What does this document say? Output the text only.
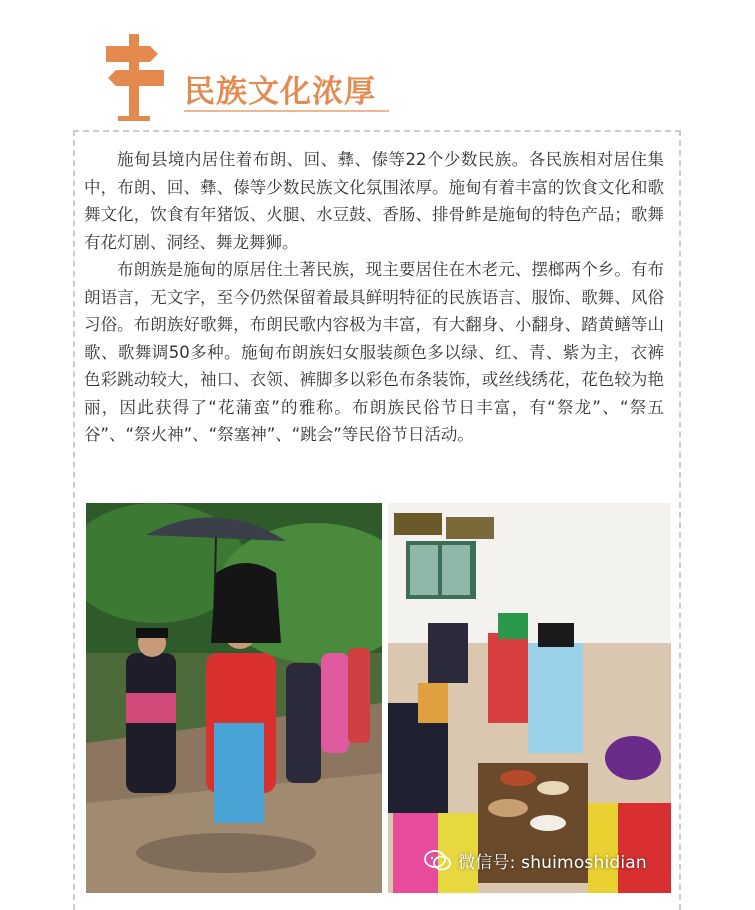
民族文化浓厚

施甸县境内居住着布朗、回、彝、傣等22个少数民族。各民族相对居住集中，布朗、回、彝、傣等少数民族文化氛围浓厚。施甸有着丰富的饮食文化和歌舞文化，饮食有年猪饭、火腿、水豆鼓、香肠、排骨鲊是施甸的特色产品；歌舞有花灯剧、洞经、舞龙舞狮。

布朗族是施甸的原居住土著民族，现主要居住在木老元、摆榔两个乡。有布朗语言，无文字，至今仍然保留着最具鲜明特征的民族语言、服饰、歌舞、风俗习俗。布朗族好歌舞，布朗民歌内容极为丰富，有大翻身、小翻身、踏黄鳝等山歌、歌舞调50多种。施甸布朗族妇女服装颜色多以绿、红、青、紫为主，衣裤色彩跳动较大，袖口、衣领、裤脚多以彩色布条装饰，或丝线绣花，花色较为艳丽，因此获得了“花蒲蛮”的雅称。布朗族民俗节日丰富，有“祭龙”、“祭五谷”、“祭火神”、“祭塞神”、“跳会”等民俗节日活动。

微信号: shuimoshidian
